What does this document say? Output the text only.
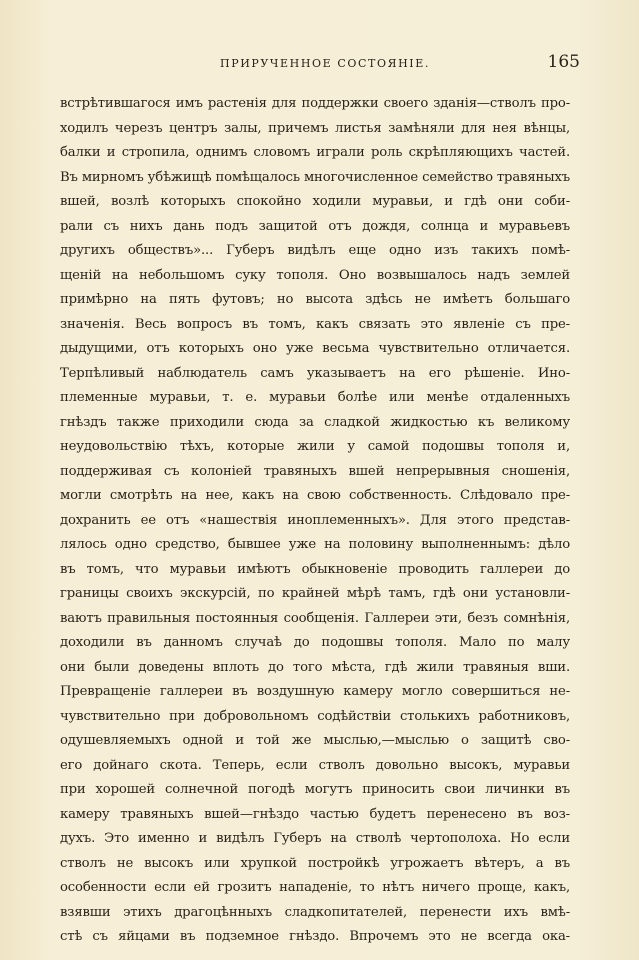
ПРИРУЧЕННОЕ СОСТОЯНІЕ.	165
встрѣтившагося имъ растенія для поддержки своего зданія—стволъ про-
ходилъ черезъ центръ залы, причемъ листья замѣняли для нея вѣнцы,
балки и стропила, однимъ словомъ играли роль скрѣпляющихъ частей.
Въ мирномъ убѣжищѣ помѣщалось многочисленное семейство травяныхъ
вшей, возлѣ которыхъ спокойно ходили муравьи, и гдѣ они соби-
рали съ нихъ дань подъ защитой отъ дождя, солнца и муравьевъ
другихъ обществъ»... Губеръ видѣлъ еще одно изъ такихъ помѣ-
щеній на небольшомъ суку тополя. Оно возвышалось надъ землей
примѣрно на пять футовъ; но высота здѣсь не имѣетъ большаго
значенія. Весь вопросъ въ томъ, какъ связать это явленіе съ пре-
дыдущими, отъ которыхъ оно уже весьма чувствительно отличается.
Терпѣливый наблюдатель самъ указываетъ на его рѣшеніе. Ино-
племенные муравьи, т. е. муравьи болѣе или менѣе отдаленныхъ
гнѣздъ также приходили сюда за сладкой жидкостью къ великому
неудовольствію тѣхъ, которые жили у самой подошвы тополя и,
поддерживая съ колоніей травяныхъ вшей непрерывныя сношенія,
могли смотрѣть на нее, какъ на свою собственность. Слѣдовало пре-
дохранить ее отъ «нашествія иноплеменныхъ». Для этого представ-
лялось одно средство, бывшее уже на половину выполненнымъ: дѣло
въ томъ, что муравьи имѣютъ обыкновеніе проводить галлереи до
границы своихъ экскурсій, по крайней мѣрѣ тамъ, гдѣ они установли-
ваютъ правильныя постоянныя сообщенія. Галлереи эти, безъ сомнѣнія,
доходили въ данномъ случаѣ до подошвы тополя. Мало по малу
они были доведены вплоть до того мѣста, гдѣ жили травяныя вши.
Превращеніе галлереи въ воздушную камеру могло совершиться не-
чувствительно при добровольномъ содѣйствіи столькихъ работниковъ,
одушевляемыхъ одной и той же мыслью,—мыслью о защитѣ сво-
его дойнаго скота. Теперь, если стволъ довольно высокъ, муравьи
при хорошей солнечной погодѣ могутъ приносить свои личинки въ
камеру травяныхъ вшей—гнѣздо частью будетъ перенесено въ воз-
духъ. Это именно и видѣлъ Губеръ на стволѣ чертополоха. Но если
стволъ не высокъ или хрупкой постройкѣ угрожаетъ вѣтеръ, а въ
особенности если ей грозитъ нападеніе, то нѣтъ ничего проще, какъ,
взявши этихъ драгоцѣнныхъ сладкопитателей, перенести ихъ вмѣ-
стѣ съ яйцами въ подземное гнѣздо. Впрочемъ это не всегда ока-
